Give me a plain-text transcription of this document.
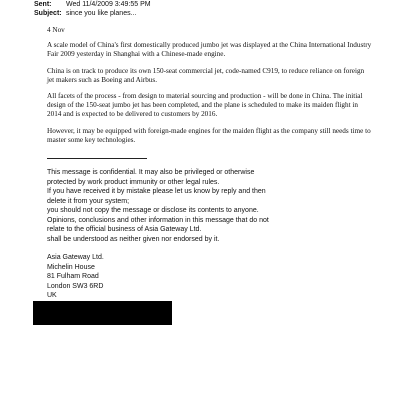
Sent:	Wed 11/4/2009 3:49:55 PM
Subject: since you like planes...
4 Nov

A scale model of China's first domestically produced jumbo jet was displayed at the China International Industry Fair 2009 yesterday in Shanghai with a Chinese-made engine.

China is on track to produce its own 150-seat commercial jet, code-named C919, to reduce reliance on foreign jet makers such as Boeing and Airbus.

All facets of the process - from design to material sourcing and production - will be done in China. The initial design of the 150-seat jumbo jet has been completed, and the plane is scheduled to make its maiden flight in 2014 and is expected to be delivered to customers by 2016.

However, it may be equipped with foreign-made engines for the maiden flight as the company still needs time to master some key technologies.

This message is confidential. It may also be privileged or otherwise
protected by work product immunity or other legal rules.
If you have received it by mistake please let us know by reply and then
delete it from your system;
you should not copy the message or disclose its contents to anyone.
Opinions, conclusions and other information in this message that do not
relate to the official business of Asia Gateway Ltd.
shall be understood as neither given nor endorsed by it.
Asia Gateway Ltd.
Michelin House
81 Fulham Road
London SW3 6RD
UK
